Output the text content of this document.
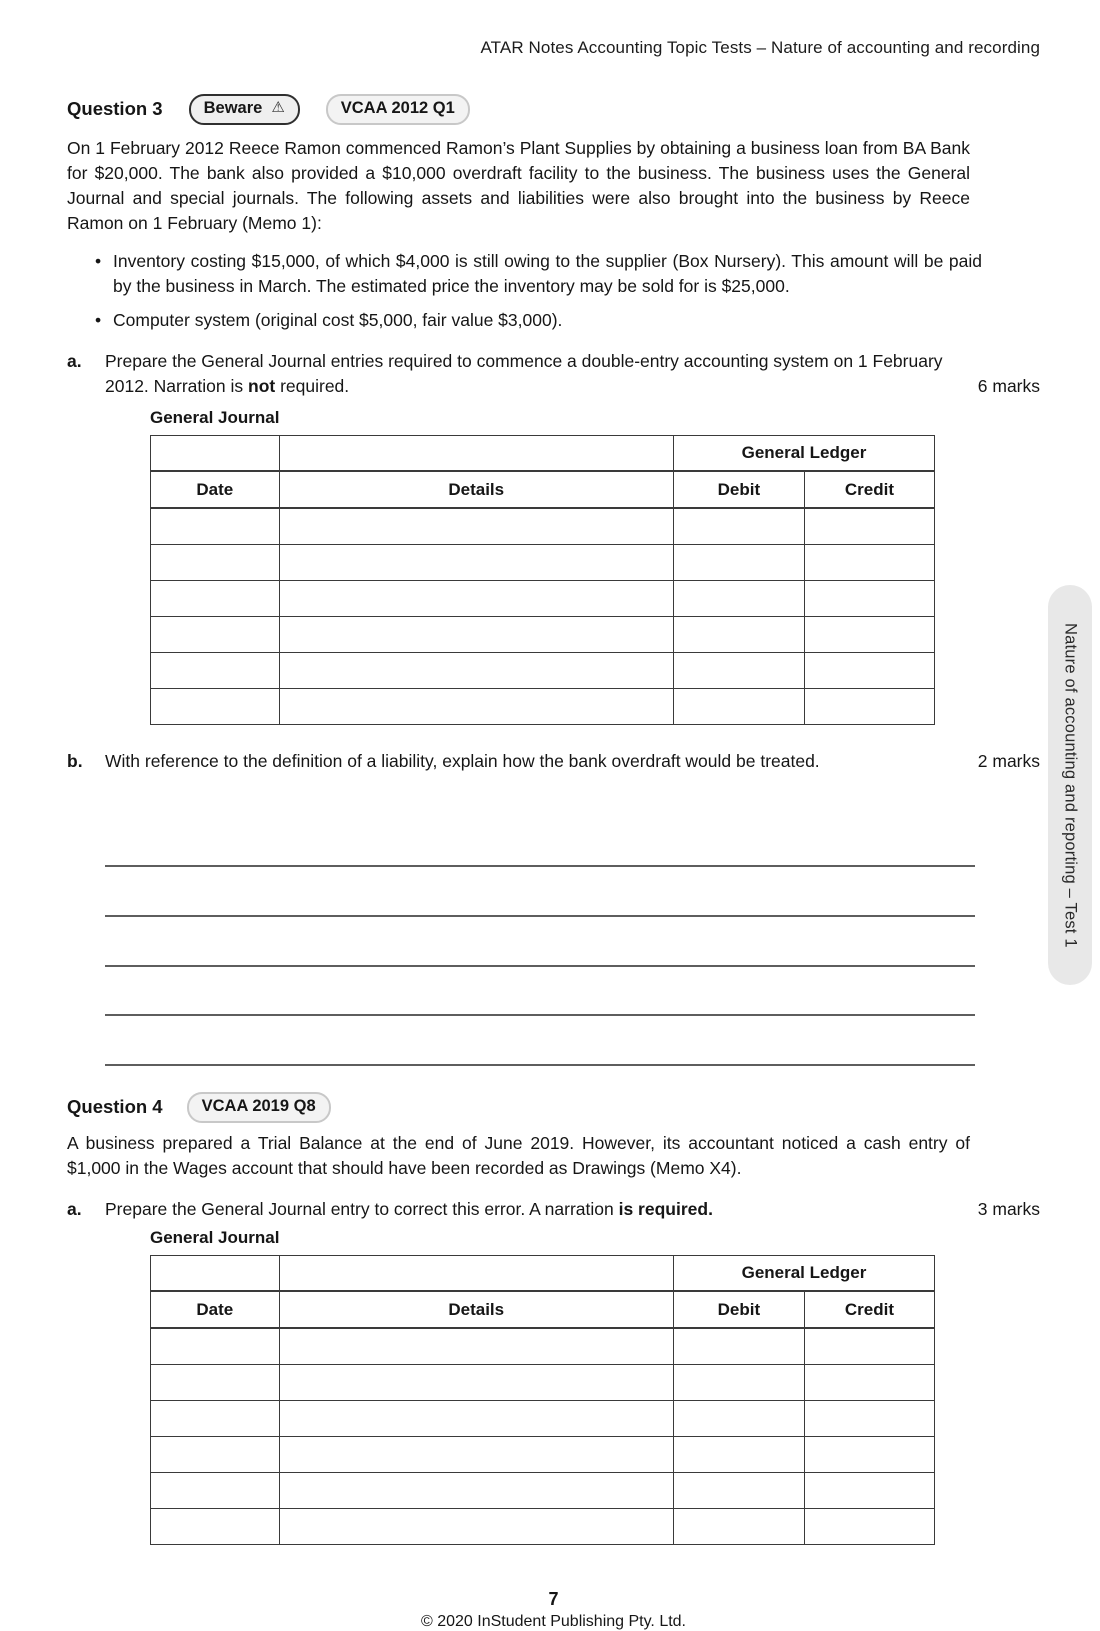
ATAR Notes Accounting Topic Tests – Nature of accounting and recording
Question 3 Beware ⚠	VCAA 2012 Q1
On 1 February 2012 Reece Ramon commenced Ramon’s Plant Supplies by obtaining a business loan from BA Bank for $20,000. The bank also provided a $10,000 overdraft facility to the business. The business uses the General Journal and special journals. The following assets and liabilities were also brought into the business by Reece Ramon on 1 February (Memo 1):
• Inventory costing $15,000, of which $4,000 is still owing to the supplier (Box Nursery). This amount will be paid by the business in March. The estimated price the inventory may be sold for is $25,000.
• Computer system (original cost $5,000, fair value $3,000).
a.	Prepare the General Journal entries required to commence a double-entry accounting system on 1 February 2012. Narration is not required.	6 marks
General Journal
		General Ledger	
Date	Details	Debit	Credit

b.	With reference to the definition of a liability, explain how the bank overdraft would be treated.	2 marks
Question 4 VCAA 2019 Q8
A business prepared a Trial Balance at the end of June 2019. However, its accountant noticed a cash entry of $1,000 in the Wages account that should have been recorded as Drawings (Memo X4).
a.	Prepare the General Journal entry to correct this error. A narration is required.	3 marks
General Journal
		General Ledger	
Date	Details	Debit	Credit

7
© 2020 InStudent Publishing Pty. Ltd.
Nature of accounting and reporting – Test 1
